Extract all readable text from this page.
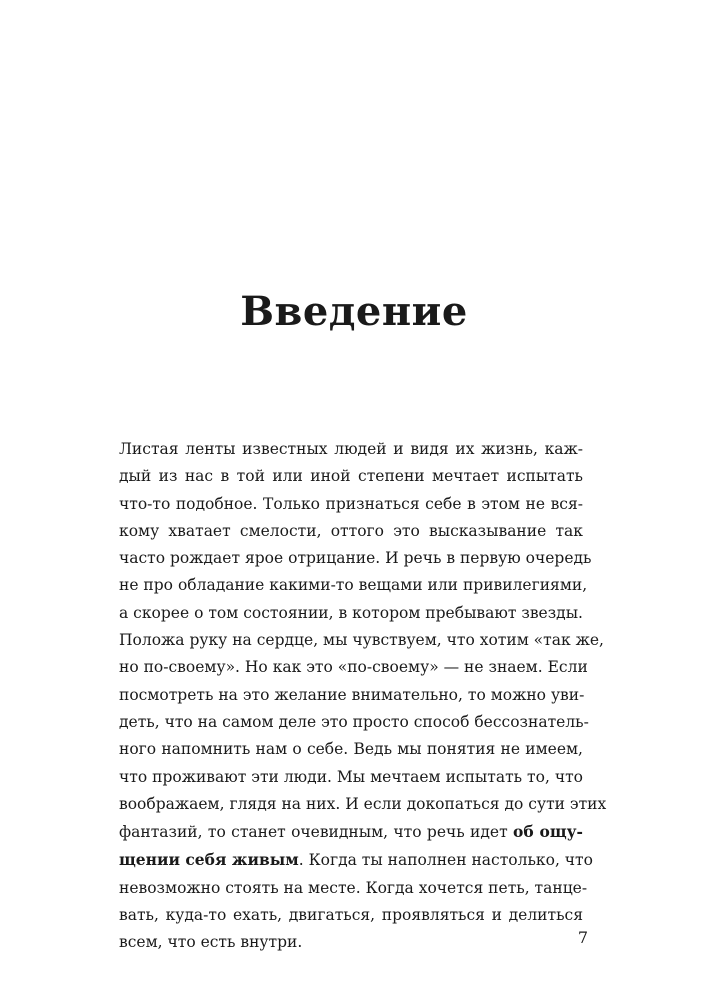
Введение
Листая ленты известных людей и видя их жизнь, каж-
дый из нас в той или иной степени мечтает испытать
что-то подобное. Только признаться себе в этом не вся-
кому хватает смелости, оттого это высказывание так
часто рождает ярое отрицание. И речь в первую очередь
не про обладание какими-то вещами или привилегиями,
а скорее о том состоянии, в котором пребывают звезды.
Положа руку на сердце, мы чувствуем, что хотим «так же,
но по-своему». Но как это «по-своему» — не знаем. Если
посмотреть на это желание внимательно, то можно уви-
деть, что на самом деле это просто способ бессознатель-
ного напомнить нам о себе. Ведь мы понятия не имеем,
что проживают эти люди. Мы мечтаем испытать то, что
воображаем, глядя на них. И если докопаться до сути этих
фантазий, то станет очевидным, что речь идет об ощу-
щении себя живым. Когда ты наполнен настолько, что
невозможно стоять на месте. Когда хочется петь, танце-
вать, куда-то ехать, двигаться, проявляться и делиться
всем, что есть внутри.	7
